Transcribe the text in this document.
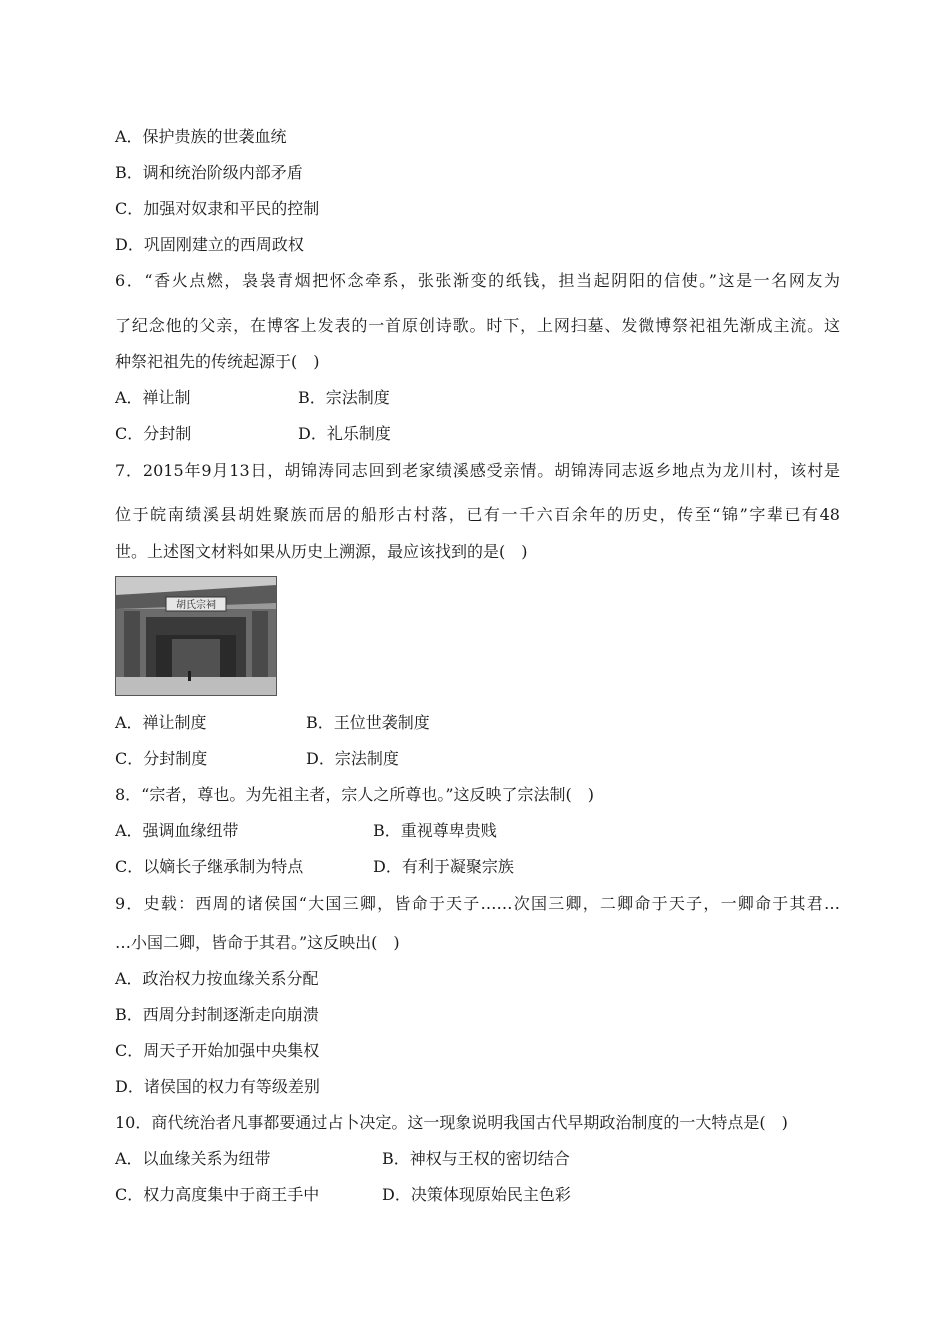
A．保护贵族的世袭血统
B．调和统治阶级内部矛盾
C．加强对奴隶和平民的控制
D．巩固刚建立的西周政权
6．“香火点燃，袅袅青烟把怀念牵系，张张渐变的纸钱，担当起阴阳的信使。”这是一名网友为
了纪念他的父亲，在博客上发表的一首原创诗歌。时下，上网扫墓、发微博祭祀祖先渐成主流。这
种祭祀祖先的传统起源于(　)
A．禅让制	B．宗法制度
C．分封制	D．礼乐制度
7．2015年9月13日，胡锦涛同志回到老家绩溪感受亲情。胡锦涛同志返乡地点为龙川村，该村是
位于皖南绩溪县胡姓聚族而居的船形古村落，已有一千六百余年的历史，传至“锦”字辈已有48
世。上述图文材料如果从历史上溯源，最应该找到的是(　)
胡氏宗祠
A．禅让制度	B．王位世袭制度
C．分封制度	D．宗法制度
8．“宗者，尊也。为先祖主者，宗人之所尊也。”这反映了宗法制(　)
A．强调血缘纽带	B．重视尊卑贵贱
C．以嫡长子继承制为特点	D．有利于凝聚宗族
9．史载：西周的诸侯国“大国三卿，皆命于天子……次国三卿，二卿命于天子，一卿命于其君…
…小国二卿，皆命于其君。”这反映出(　)
A．政治权力按血缘关系分配
B．西周分封制逐渐走向崩溃
C．周天子开始加强中央集权
D．诸侯国的权力有等级差别
10．商代统治者凡事都要通过占卜决定。这一现象说明我国古代早期政治制度的一大特点是(　)
A．以血缘关系为纽带	B．神权与王权的密切结合
C．权力高度集中于商王手中	D．决策体现原始民主色彩
